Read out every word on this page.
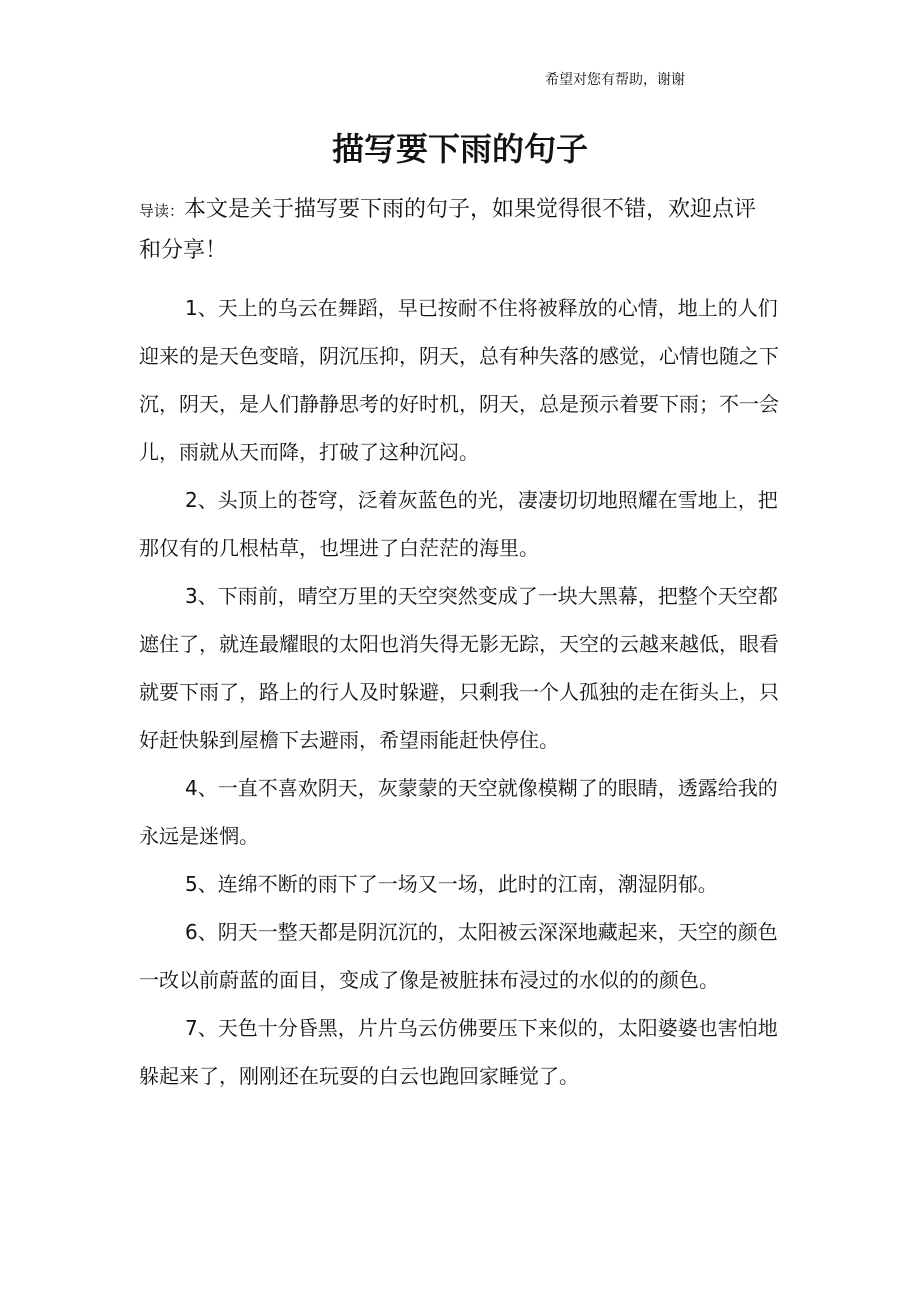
希望对您有帮助，谢谢
描写要下雨的句子
导读：本文是关于描写要下雨的句子，如果觉得很不错，欢迎点评和分享！

1、天上的乌云在舞蹈，早已按耐不住将被释放的心情，地上的人们迎来的是天色变暗，阴沉压抑，阴天，总有种失落的感觉，心情也随之下沉，阴天，是人们静静思考的好时机，阴天，总是预示着要下雨；不一会儿，雨就从天而降，打破了这种沉闷。

2、头顶上的苍穹，泛着灰蓝色的光，凄凄切切地照耀在雪地上，把那仅有的几根枯草，也埋进了白茫茫的海里。

3、下雨前，晴空万里的天空突然变成了一块大黑幕，把整个天空都遮住了，就连最耀眼的太阳也消失得无影无踪，天空的云越来越低，眼看就要下雨了，路上的行人及时躲避，只剩我一个人孤独的走在街头上，只好赶快躲到屋檐下去避雨，希望雨能赶快停住。

4、一直不喜欢阴天，灰蒙蒙的天空就像模糊了的眼睛，透露给我的永远是迷惘。

5、连绵不断的雨下了一场又一场，此时的江南，潮湿阴郁。

6、阴天一整天都是阴沉沉的，太阳被云深深地藏起来，天空的颜色一改以前蔚蓝的面目，变成了像是被脏抹布浸过的水似的的颜色。

7、天色十分昏黑，片片乌云仿佛要压下来似的，太阳婆婆也害怕地躲起来了，刚刚还在玩耍的白云也跑回家睡觉了。
